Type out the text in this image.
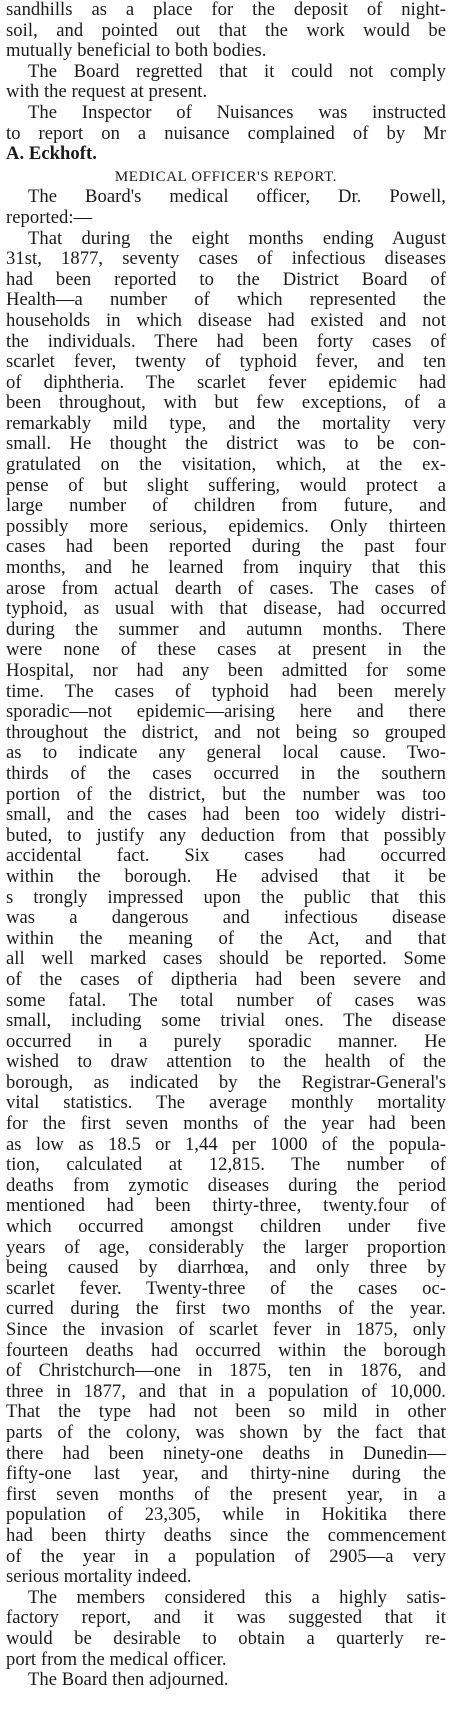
sandhills as a place for the deposit of night-
soil, and pointed out that the work would be
mutually beneficial to both bodies.

The Board regretted that it could not comply
with the request at present.

The Inspector of Nuisances was instructed
to report on a nuisance complained of by Mr
A. Eckhoft.

MEDICAL OFFICER'S REPORT.

The Board's medical officer, Dr. Powell,
reported:—

That during the eight months ending August
31st, 1877, seventy cases of infectious diseases
had been reported to the District Board of
Health—a number of which represented the
households in which disease had existed and not
the individuals. There had been forty cases of
scarlet fever, twenty of typhoid fever, and ten
of diphtheria. The scarlet fever epidemic had
been throughout, with but few exceptions, of a
remarkably mild type, and the mortality very
small. He thought the district was to be con-
gratulated on the visitation, which, at the ex-
pense of but slight suffering, would protect a
large number of children from future, and
possibly more serious, epidemics. Only thirteen
cases had been reported during the past four
months, and he learned from inquiry that this
arose from actual dearth of cases. The cases of
typhoid, as usual with that disease, had occurred
during the summer and autumn months. There
were none of these cases at present in the
Hospital, nor had any been admitted for some
time. The cases of typhoid had been merely
sporadic—not epidemic—arising here and there
throughout the district, and not being so grouped
as to indicate any general local cause. Two-
thirds of the cases occurred in the southern
portion of the district, but the number was too
small, and the cases had been too widely distri-
buted, to justify any deduction from that possibly
accidental fact. Six cases had occurred
within the borough. He advised that it be
s trongly impressed upon the public that this
was a dangerous and infectious disease
within the meaning of the Act, and that
all well marked cases should be reported. Some
of the cases of diptheria had been severe and
some fatal. The total number of cases was
small, including some trivial ones. The disease
occurred in a purely sporadic manner. He
wished to draw attention to the health of the
borough, as indicated by the Registrar-General's
vital statistics. The average monthly mortality
for the first seven months of the year had been
as low as 18.5 or 1,44 per 1000 of the popula-
tion, calculated at 12,815. The number of
deaths from zymotic diseases during the period
mentioned had been thirty-three, twenty.four of
which occurred amongst children under five
years of age, considerably the larger proportion
being caused by diarrhœa, and only three by
scarlet fever. Twenty-three of the cases oc-
curred during the first two months of the year.
Since the invasion of scarlet fever in 1875, only
fourteen deaths had occurred within the borough
of Christchurch—one in 1875, ten in 1876, and
three in 1877, and that in a population of 10,000.
That the type had not been so mild in other
parts of the colony, was shown by the fact that
there had been ninety-one deaths in Dunedin—
fifty-one last year, and thirty-nine during the
first seven months of the present year, in a
population of 23,305, while in Hokitika there
had been thirty deaths since the commencement
of the year in a population of 2905—a very
serious mortality indeed.

The members considered this a highly satis-
factory report, and it was suggested that it
would be desirable to obtain a quarterly re-
port from the medical officer.

The Board then adjourned.
